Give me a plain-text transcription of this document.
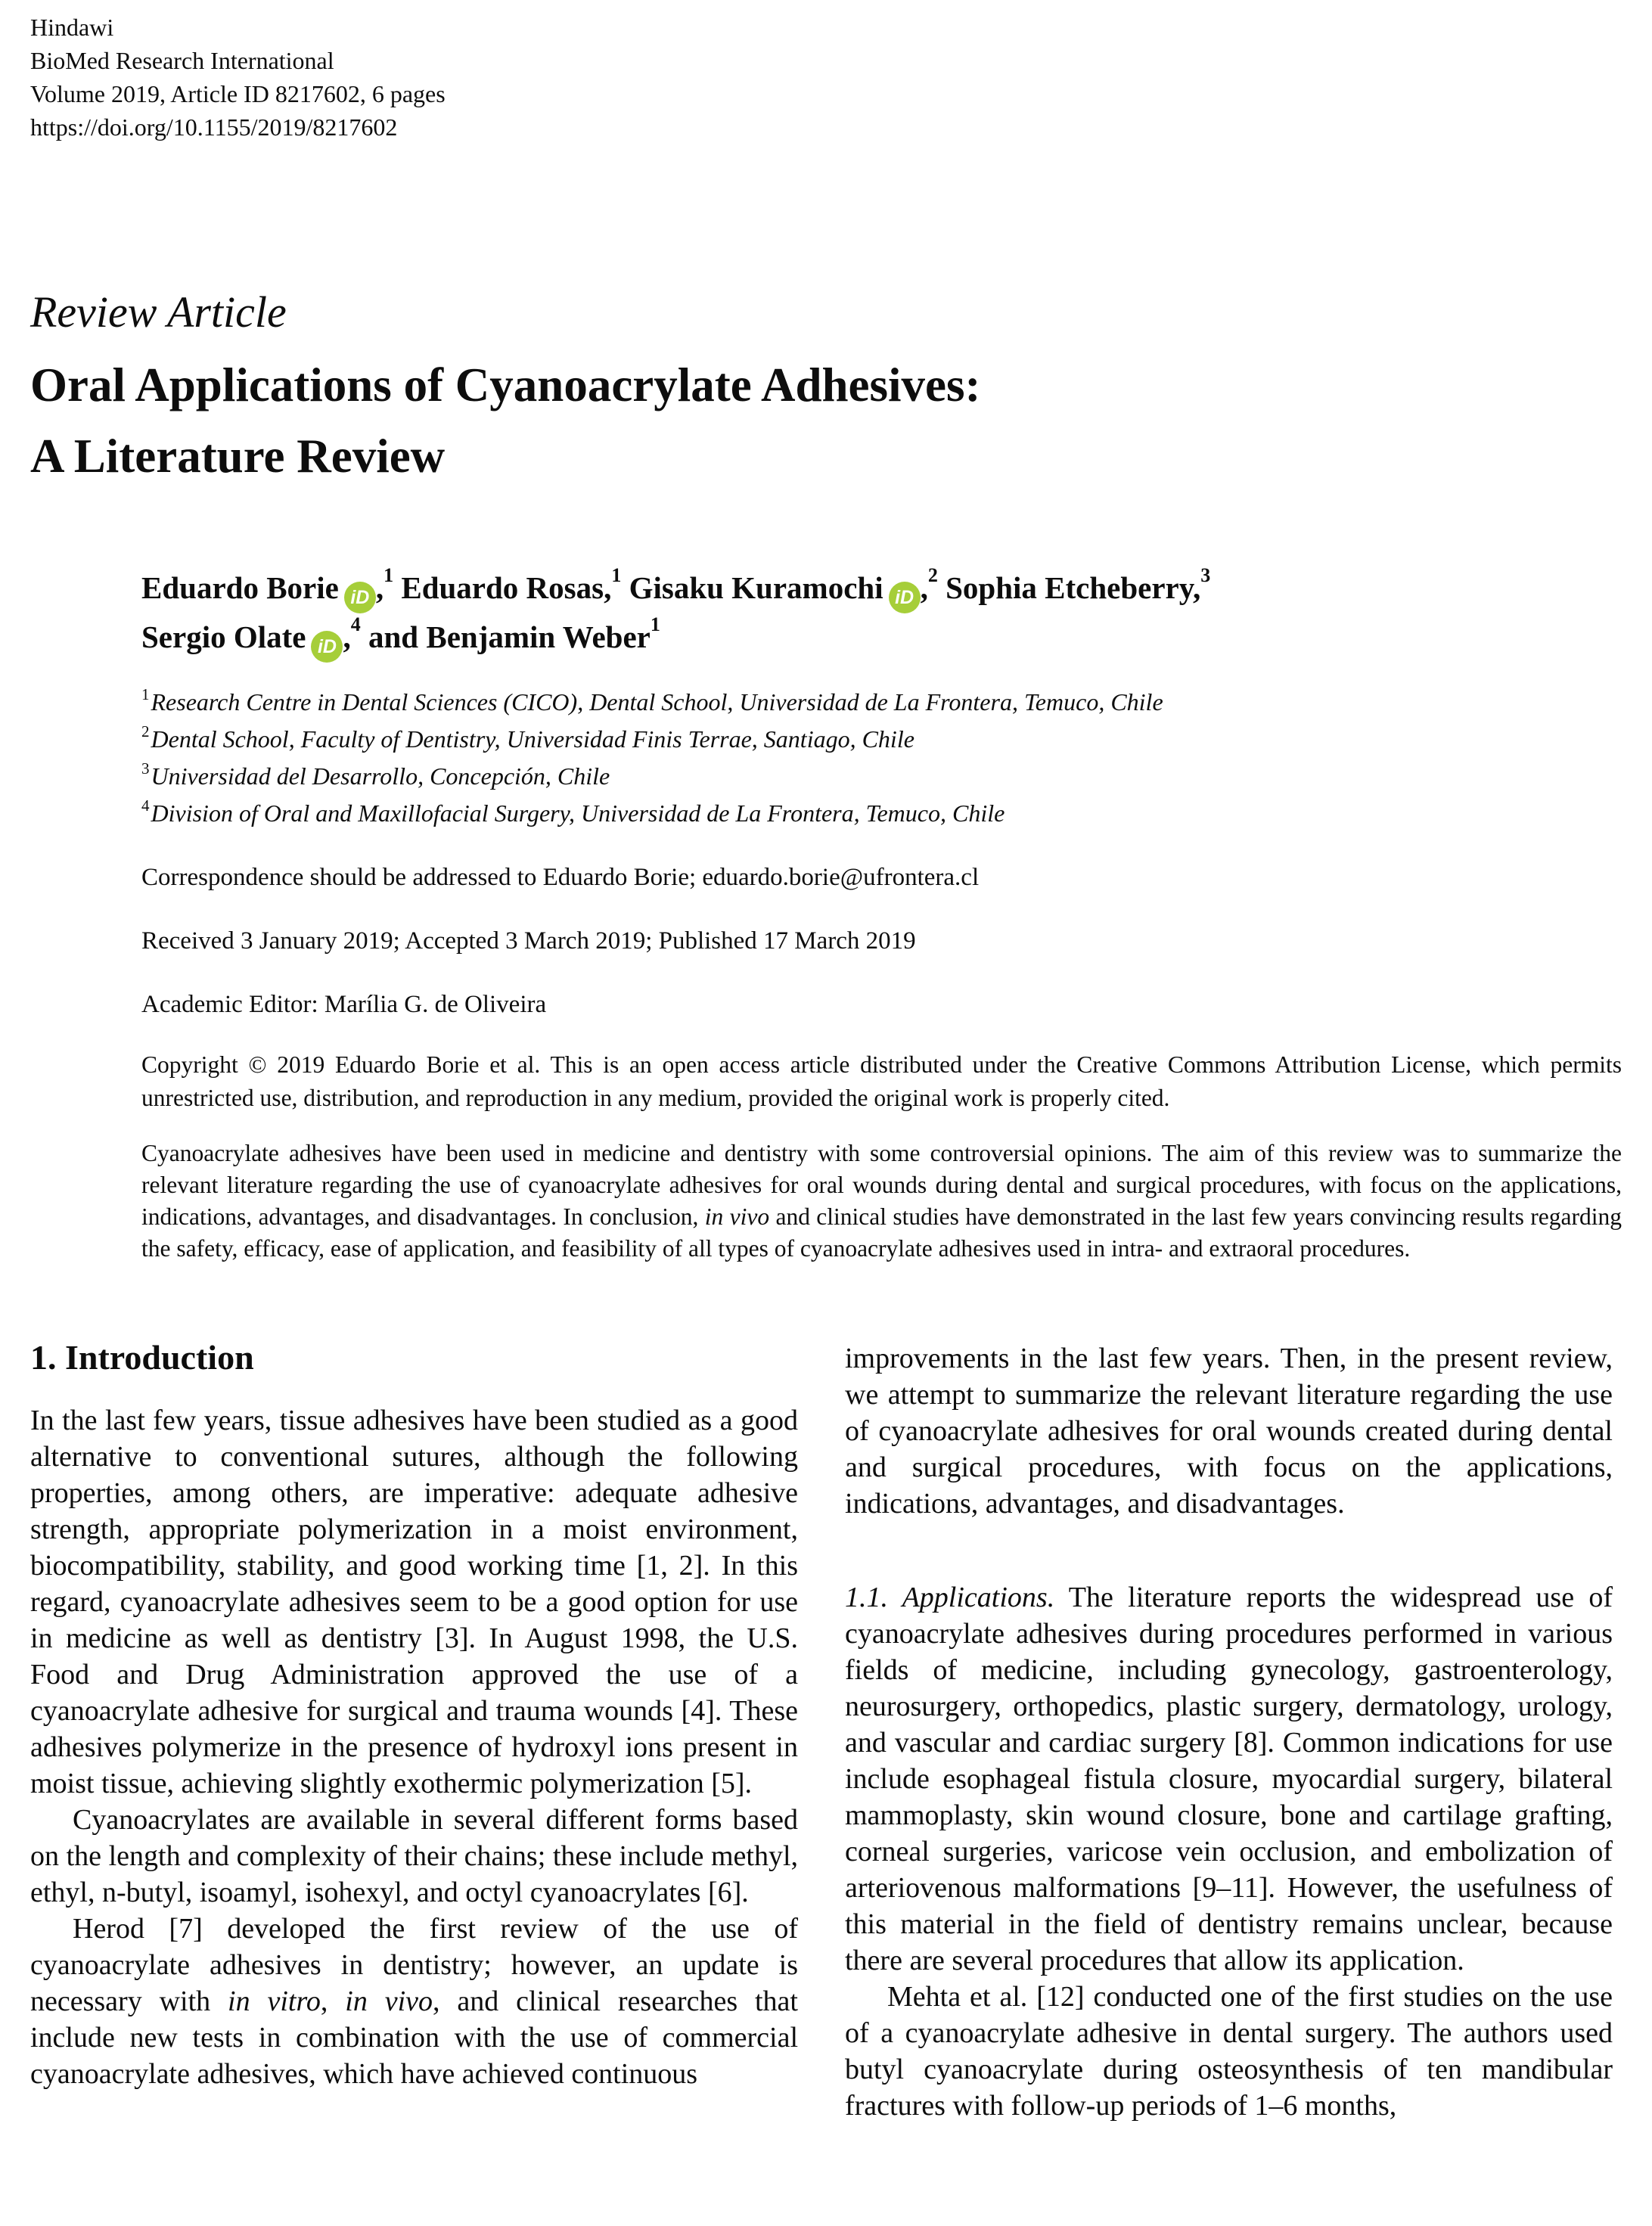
Hindawi
BioMed Research International
Volume 2019, Article ID 8217602, 6 pages
https://doi.org/10.1155/2019/8217602
Review Article
Oral Applications of Cyanoacrylate Adhesives:
A Literature Review
Eduardo Borie iD ,$^1$ Eduardo Rosas,$^1$ Gisaku Kuramochi iD ,$^2$ Sophia Etcheberry,$^3$
Sergio Olate iD ,$^4$ and Benjamin Weber$^1$
$^1$Research Centre in Dental Sciences (CICO), Dental School, Universidad de La Frontera, Temuco, Chile
$^2$Dental School, Faculty of Dentistry, Universidad Finis Terrae, Santiago, Chile
$^3$Universidad del Desarrollo, Concepción, Chile
$^4$Division of Oral and Maxillofacial Surgery, Universidad de La Frontera, Temuco, Chile
Correspondence should be addressed to Eduardo Borie; eduardo.borie@ufrontera.cl
Received 3 January 2019; Accepted 3 March 2019; Published 17 March 2019
Academic Editor: Marília G. de Oliveira
Copyright © 2019 Eduardo Borie et al. This is an open access article distributed under the Creative Commons Attribution License, which permits unrestricted use, distribution, and reproduction in any medium, provided the original work is properly cited.
Cyanoacrylate adhesives have been used in medicine and dentistry with some controversial opinions. The aim of this review was to summarize the relevant literature regarding the use of cyanoacrylate adhesives for oral wounds during dental and surgical procedures, with focus on the applications, indications, advantages, and disadvantages. In conclusion, in vivo and clinical studies have demonstrated in the last few years convincing results regarding the safety, efficacy, ease of application, and feasibility of all types of cyanoacrylate adhesives used in intra- and extraoral procedures.
1. Introduction

In the last few years, tissue adhesives have been studied as a good alternative to conventional sutures, although the following properties, among others, are imperative: adequate adhesive strength, appropriate polymerization in a moist environment, biocompatibility, stability, and good working time [1, 2]. In this regard, cyanoacrylate adhesives seem to be a good option for use in medicine as well as dentistry [3]. In August 1998, the U.S. Food and Drug Administration approved the use of a cyanoacrylate adhesive for surgical and trauma wounds [4]. These adhesives polymerize in the presence of hydroxyl ions present in moist tissue, achieving slightly exothermic polymerization [5].

Cyanoacrylates are available in several different forms based on the length and complexity of their chains; these include methyl, ethyl, n-butyl, isoamyl, isohexyl, and octyl cyanoacrylates [6].

Herod [7] developed the first review of the use of cyanoacrylate adhesives in dentistry; however, an update is necessary with in vitro, in vivo, and clinical researches that include new tests in combination with the use of commercial cyanoacrylate adhesives, which have achieved continuous

improvements in the last few years. Then, in the present review, we attempt to summarize the relevant literature regarding the use of cyanoacrylate adhesives for oral wounds created during dental and surgical procedures, with focus on the applications, indications, advantages, and disadvantages.

1.1. Applications. The literature reports the widespread use of cyanoacrylate adhesives during procedures performed in various fields of medicine, including gynecology, gastroenterology, neurosurgery, orthopedics, plastic surgery, dermatology, urology, and vascular and cardiac surgery [8]. Common indications for use include esophageal fistula closure, myocardial surgery, bilateral mammoplasty, skin wound closure, bone and cartilage grafting, corneal surgeries, varicose vein occlusion, and embolization of arteriovenous malformations [9–11]. However, the usefulness of this material in the field of dentistry remains unclear, because there are several procedures that allow its application.

Mehta et al. [12] conducted one of the first studies on the use of a cyanoacrylate adhesive in dental surgery. The authors used butyl cyanoacrylate during osteosynthesis of ten mandibular fractures with follow-up periods of 1–6 months,
